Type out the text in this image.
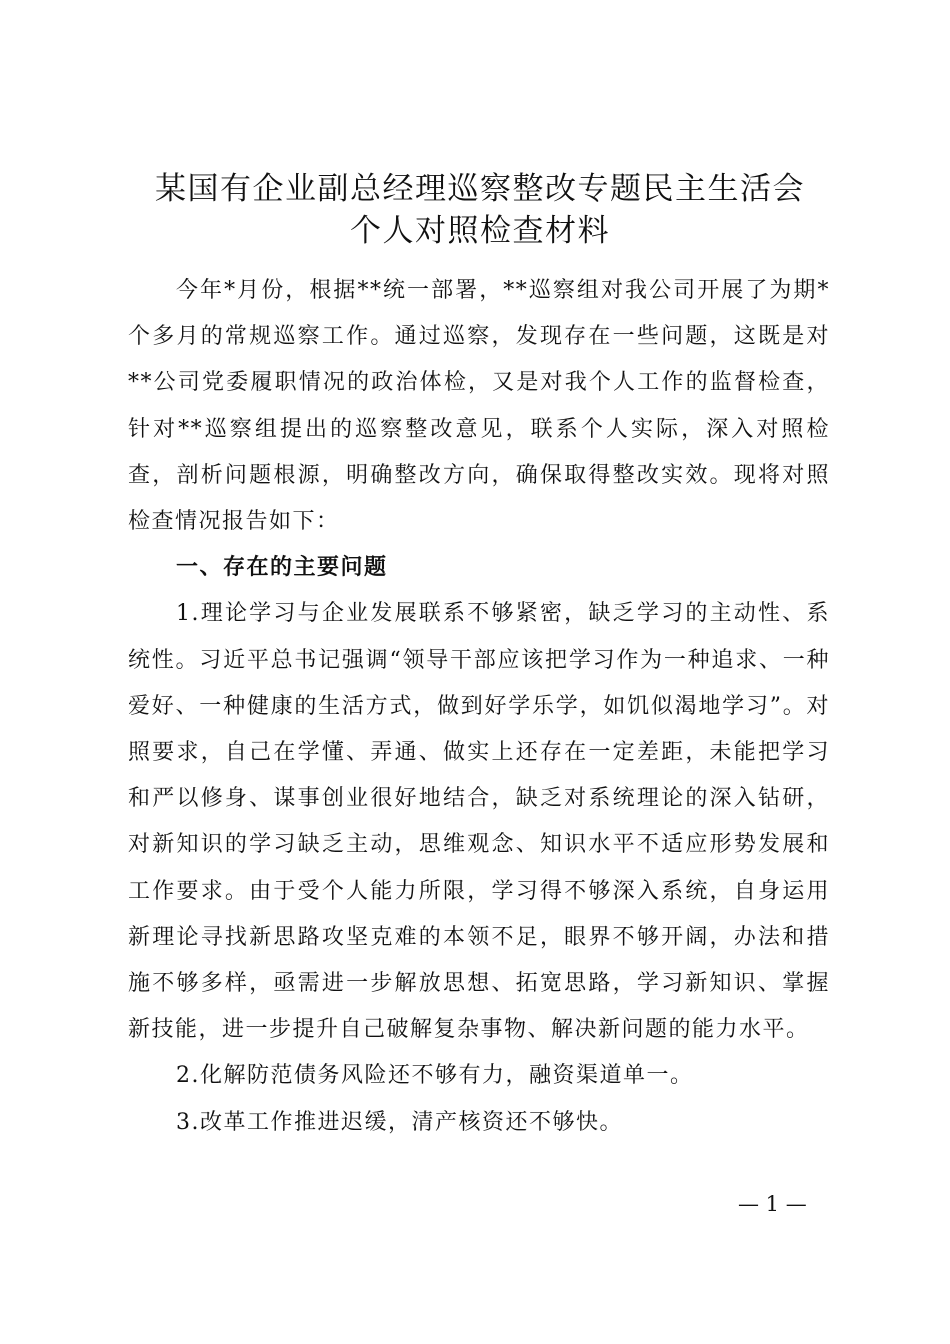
某国有企业副总经理巡察整改专题民主生活会
个人对照检查材料

今年*月份，根据**统一部署，**巡察组对我公司开展了为期*个多月的常规巡察工作。通过巡察，发现存在一些问题，这既是对**公司党委履职情况的政治体检，又是对我个人工作的监督检查，针对**巡察组提出的巡察整改意见，联系个人实际，深入对照检查，剖析问题根源，明确整改方向，确保取得整改实效。现将对照检查情况报告如下：

一、存在的主要问题

1.理论学习与企业发展联系不够紧密，缺乏学习的主动性、系统性。习近平总书记强调“领导干部应该把学习作为一种追求、一种爱好、一种健康的生活方式，做到好学乐学，如饥似渴地学习”。对照要求，自己在学懂、弄通、做实上还存在一定差距，未能把学习和严以修身、谋事创业很好地结合，缺乏对系统理论的深入钻研，对新知识的学习缺乏主动，思维观念、知识水平不适应形势发展和工作要求。由于受个人能力所限，学习得不够深入系统，自身运用新理论寻找新思路攻坚克难的本领不足，眼界不够开阔，办法和措施不够多样，亟需进一步解放思想、拓宽思路，学习新知识、掌握新技能，进一步提升自己破解复杂事物、解决新问题的能力水平。

2.化解防范债务风险还不够有力，融资渠道单一。

3.改革工作推进迟缓，清产核资还不够快。

— 1 —
